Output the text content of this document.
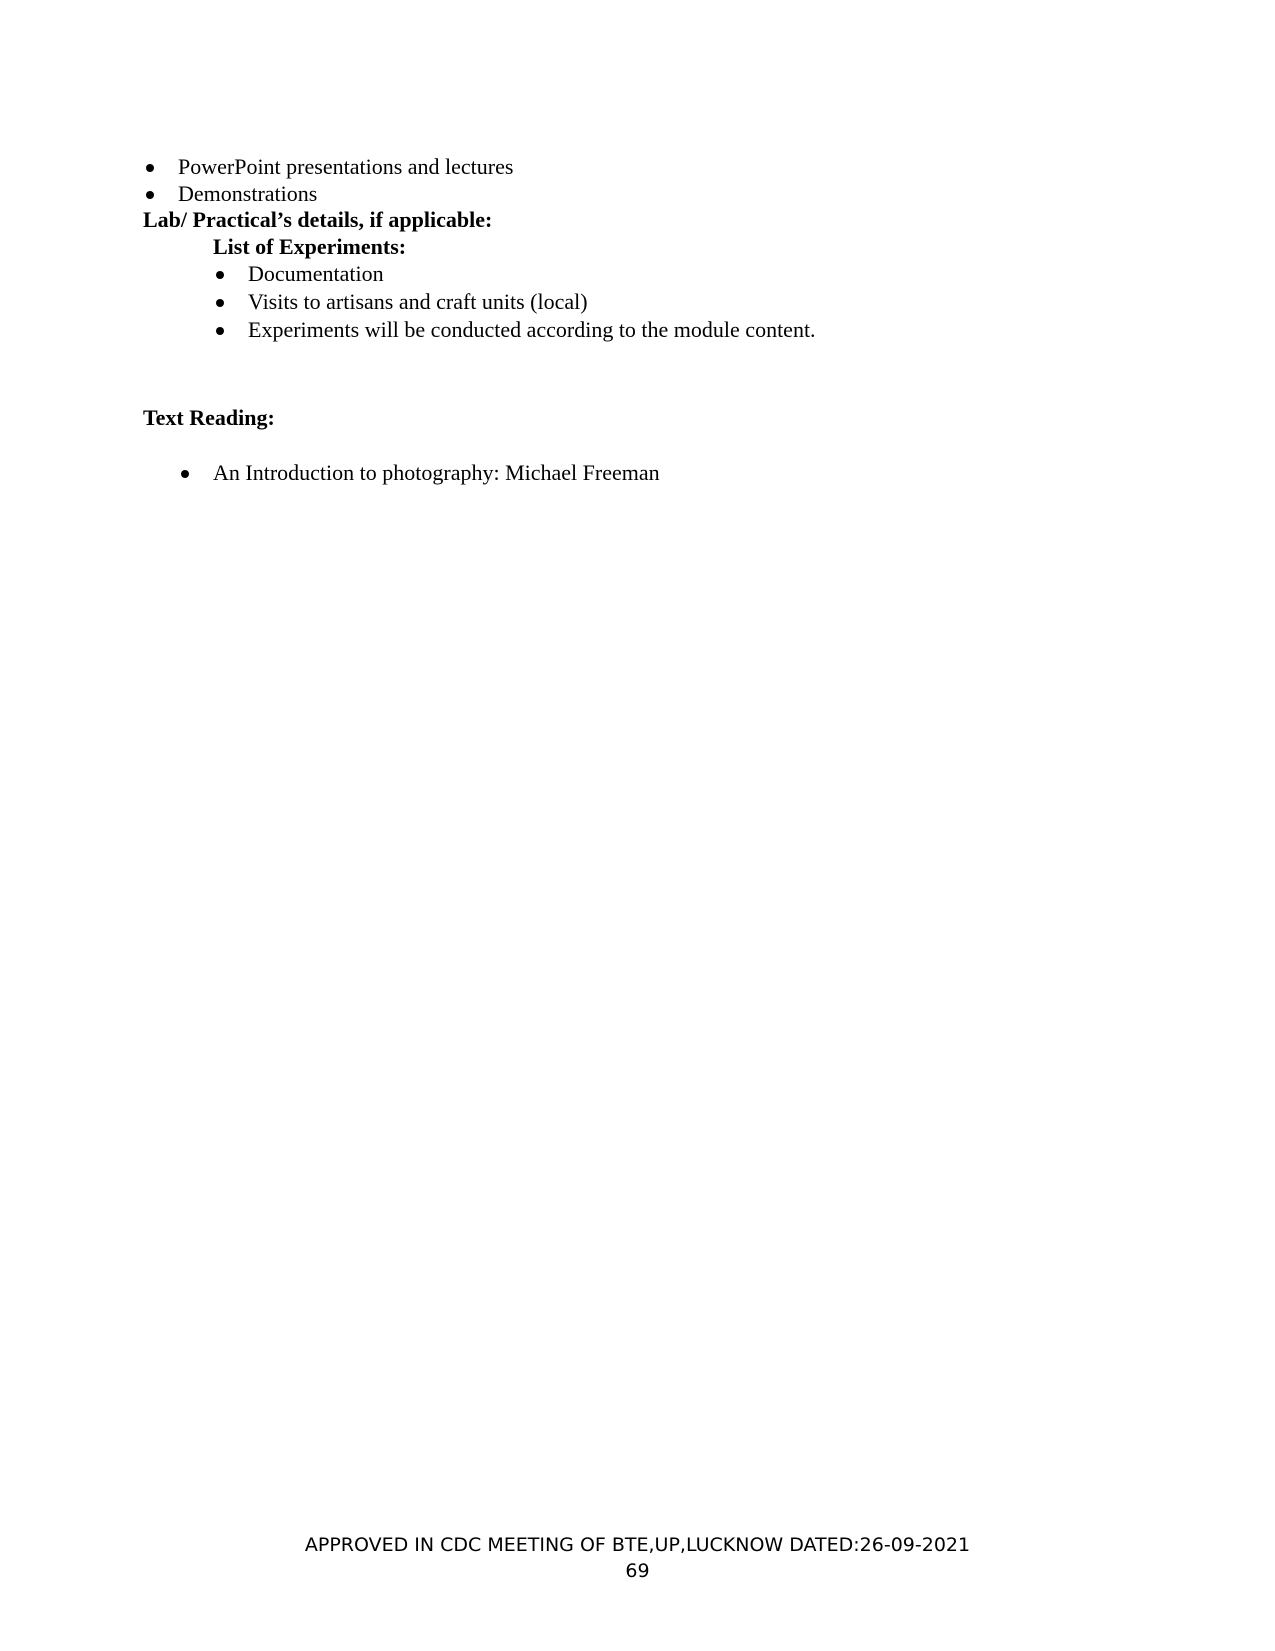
PowerPoint presentations and lectures
Demonstrations
Lab/ Practical’s details, if applicable:
List of Experiments:
Documentation
Visits to artisans and craft units (local)
Experiments will be conducted according to the module content.
Text Reading:
An Introduction to photography: Michael Freeman
APPROVED IN CDC MEETING OF BTE,UP,LUCKNOW DATED:26-09-2021
69
